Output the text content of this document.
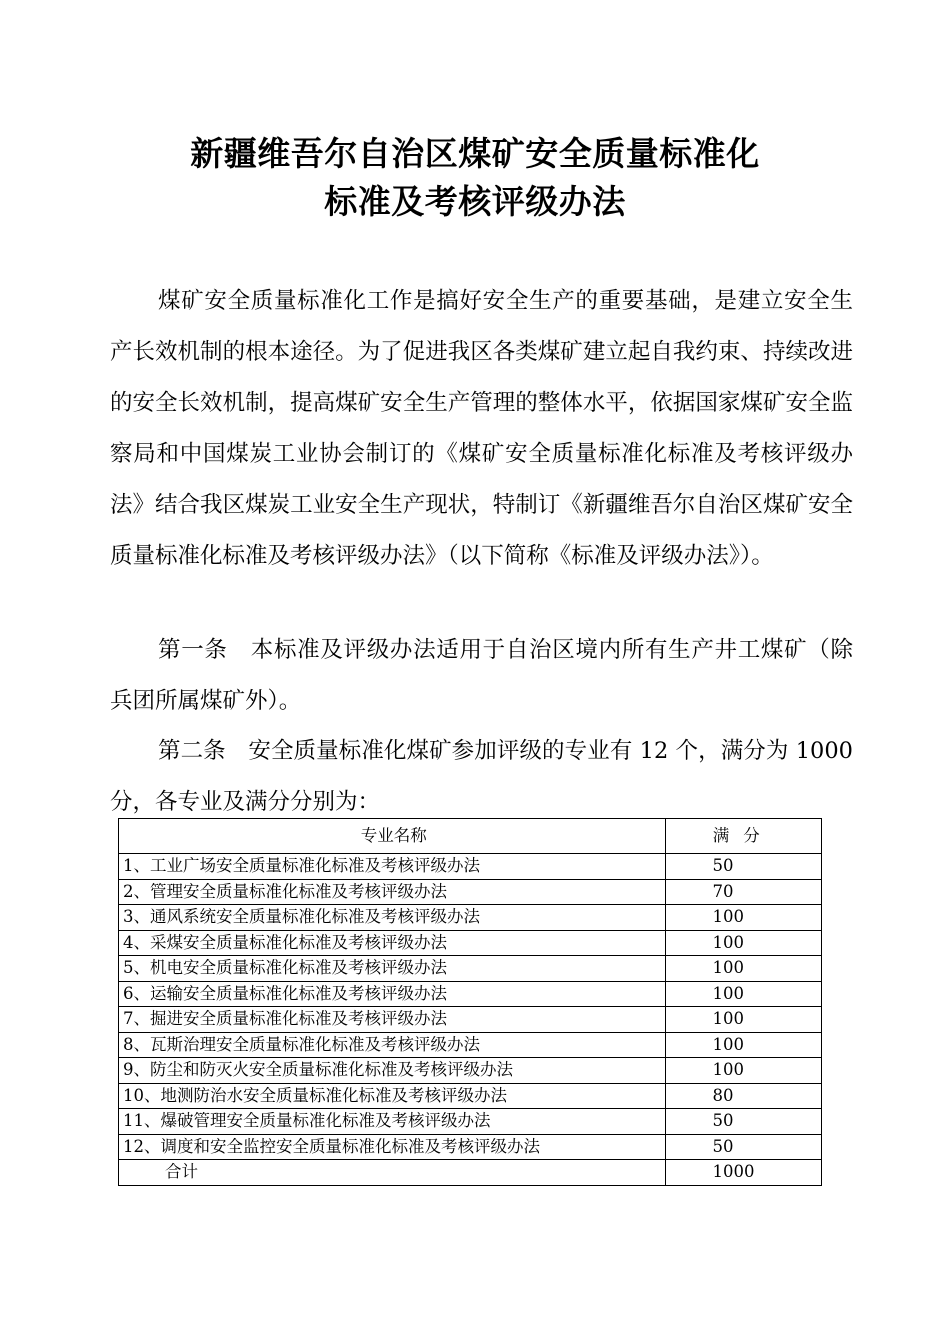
新疆维吾尔自治区煤矿安全质量标准化
标准及考核评级办法
煤矿安全质量标准化工作是搞好安全生产的重要基础，是建立安全生产长效机制的根本途径。为了促进我区各类煤矿建立起自我约束、持续改进的安全长效机制，提高煤矿安全生产管理的整体水平，依据国家煤矿安全监察局和中国煤炭工业协会制订的《煤矿安全质量标准化标准及考核评级办法》结合我区煤炭工业安全生产现状，特制订《新疆维吾尔自治区煤矿安全质量标准化标准及考核评级办法》（以下简称《标准及评级办法》）。
第一条　本标准及评级办法适用于自治区境内所有生产井工煤矿（除兵团所属煤矿外）。
第二条　安全质量标准化煤矿参加评级的专业有 12 个，满分为 1000 分，各专业及满分分别为：
专业名称	满分
1、工业广场安全质量标准化标准及考核评级办法	50
2、管理安全质量标准化标准及考核评级办法	70
3、通风系统安全质量标准化标准及考核评级办法	100
4、采煤安全质量标准化标准及考核评级办法	100
5、机电安全质量标准化标准及考核评级办法	100
6、运输安全质量标准化标准及考核评级办法	100
7、掘进安全质量标准化标准及考核评级办法	100
8、瓦斯治理安全质量标准化标准及考核评级办法	100
9、防尘和防灭火安全质量标准化标准及考核评级办法	100
10、地测防治水安全质量标准化标准及考核评级办法	80
11、爆破管理安全质量标准化标准及考核评级办法	50
12、调度和安全监控安全质量标准化标准及考核评级办法	50
合计	1000
